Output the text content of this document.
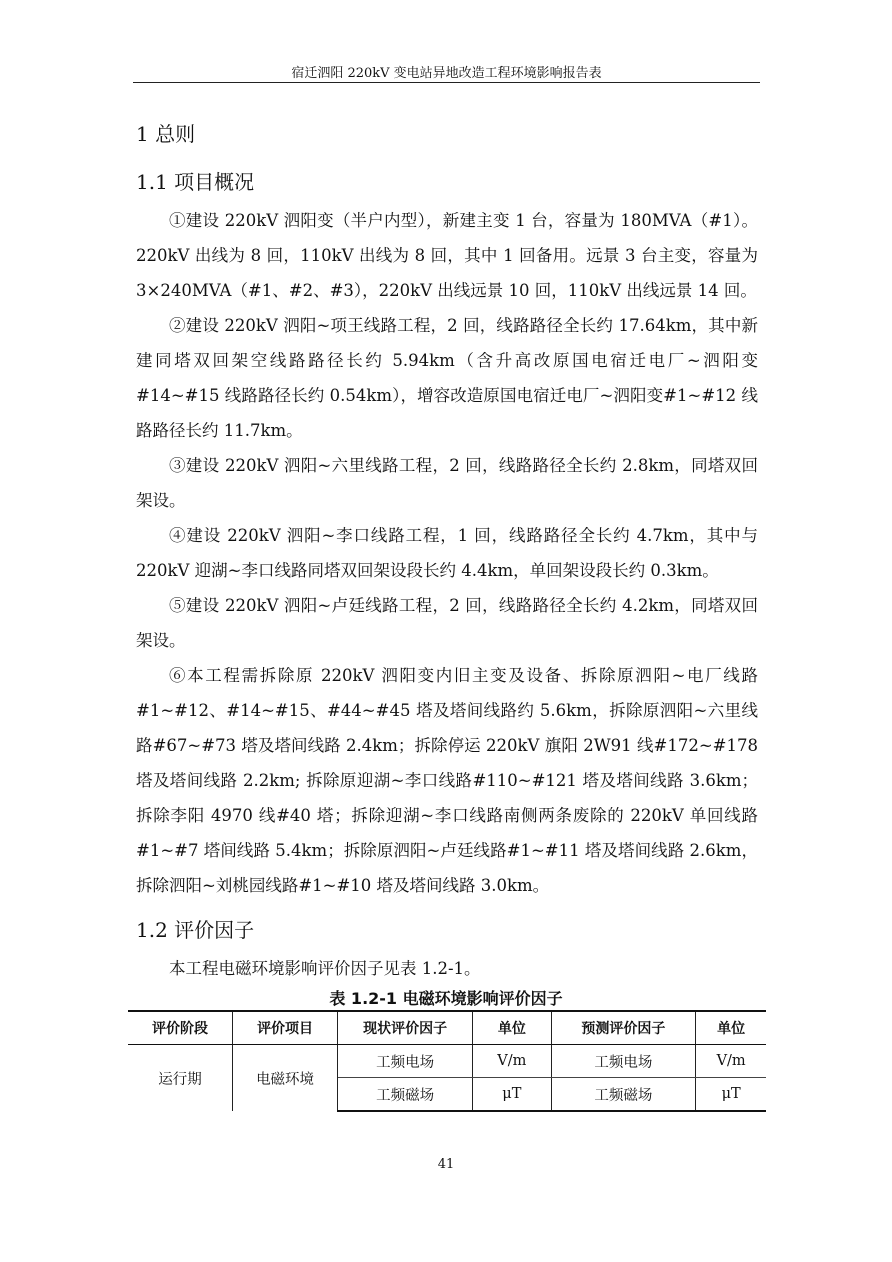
宿迁泗阳 220kV 变电站异地改造工程环境影响报告表
1 总则
1.1 项目概况

①建设 220kV 泗阳变（半户内型），新建主变 1 台，容量为 180MVA（#1）。220kV 出线为 8 回，110kV 出线为 8 回，其中 1 回备用。远景 3 台主变，容量为 3×240MVA（#1、#2、#3），220kV 出线远景 10 回，110kV 出线远景 14 回。

②建设 220kV 泗阳~项王线路工程，2 回，线路路径全长约 17.64km，其中新建同塔双回架空线路路径长约 5.94km（含升高改原国电宿迁电厂~泗阳变#14~#15 线路路径长约 0.54km），增容改造原国电宿迁电厂~泗阳变#1~#12 线路路径长约 11.7km。

③建设 220kV 泗阳~六里线路工程，2 回，线路路径全长约 2.8km，同塔双回架设。

④建设 220kV 泗阳~李口线路工程，1 回，线路路径全长约 4.7km，其中与 220kV 迎湖~李口线路同塔双回架设段长约 4.4km，单回架设段长约 0.3km。

⑤建设 220kV 泗阳~卢廷线路工程，2 回，线路路径全长约 4.2km，同塔双回架设。

⑥本工程需拆除原 220kV 泗阳变内旧主变及设备、拆除原泗阳~电厂线路#1~#12、#14~#15、#44~#45 塔及塔间线路约 5.6km，拆除原泗阳~六里线路#67~#73 塔及塔间线路 2.4km；拆除停运 220kV 旗阳 2W91 线#172~#178 塔及塔间线路 2.2km; 拆除原迎湖~李口线路#110~#121 塔及塔间线路 3.6km；拆除李阳 4970 线#40 塔；拆除迎湖~李口线路南侧两条废除的 220kV 单回线路#1~#7 塔间线路 5.4km；拆除原泗阳~卢廷线路#1~#11 塔及塔间线路 2.6km，拆除泗阳~刘桃园线路#1~#10 塔及塔间线路 3.0km。

1.2 评价因子

本工程电磁环境影响评价因子见表 1.2-1。

表 1.2-1 电磁环境影响评价因子
评价阶段	评价项目	现状评价因子	单位	预测评价因子	单位
运行期	电磁环境	工频电场	V/m	工频电场	V/m
		工频磁场	μT	工频磁场	μT
41
